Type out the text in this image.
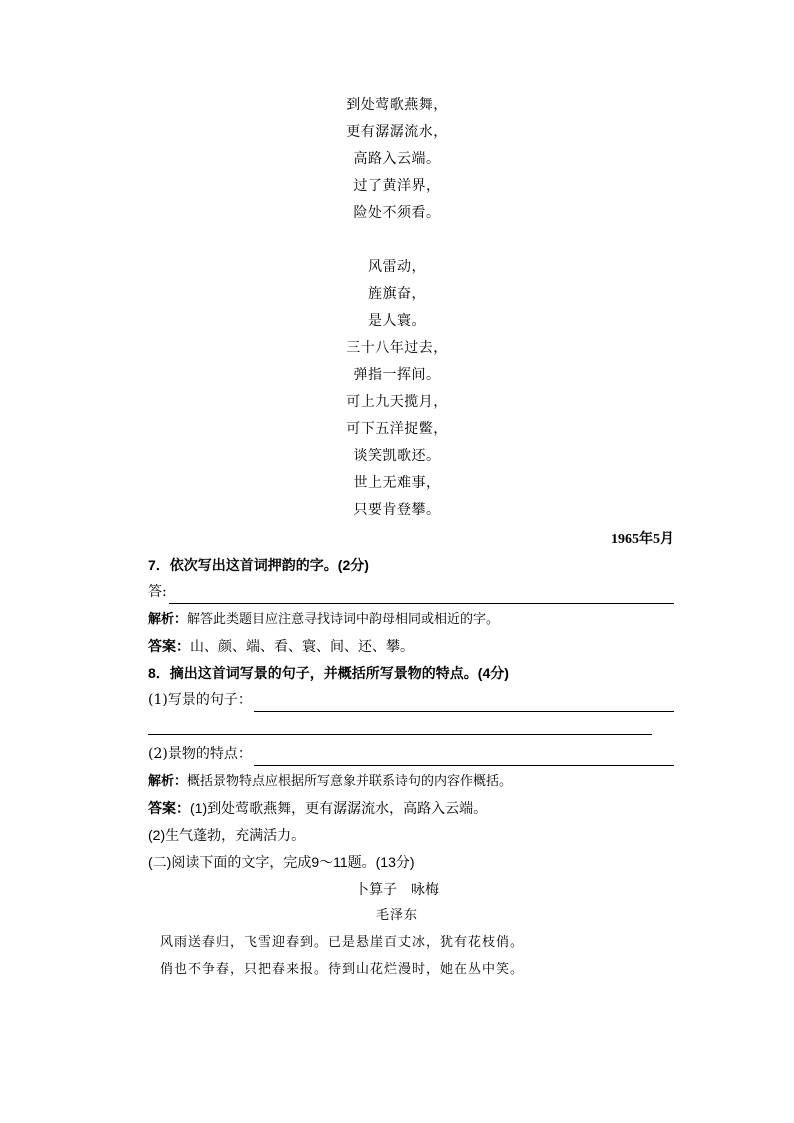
到处莺歌燕舞，
更有潺潺流水，
高路入云端。
过了黄洋界，
险处不须看。
风雷动，
旌旗奋，
是人寰。
三十八年过去，
弹指一挥间。
可上九天揽月，
可下五洋捉鳖，
谈笑凯歌还。
世上无难事，
只要肯登攀。
1965年5月
7．依次写出这首词押韵的字。(2分)
答:
解析：解答此类题目应注意寻找诗词中韵母相同或相近的字。
答案：山、颜、端、看、寰、间、还、攀。
8．摘出这首词写景的句子，并概括所写景物的特点。(4分)
(1)写景的句子：
(2)景物的特点：
解析：概括景物特点应根据所写意象并联系诗句的内容作概括。
答案：(1)到处莺歌燕舞，更有潺潺流水，高路入云端。
(2)生气蓬勃，充满活力。
(二)阅读下面的文字，完成9～11题。(13分)
卜算子　咏梅
毛泽东
风雨送春归，飞雪迎春到。已是悬崖百丈冰，犹有花枝俏。
俏也不争春，只把春来报。待到山花烂漫时，她在丛中笑。
